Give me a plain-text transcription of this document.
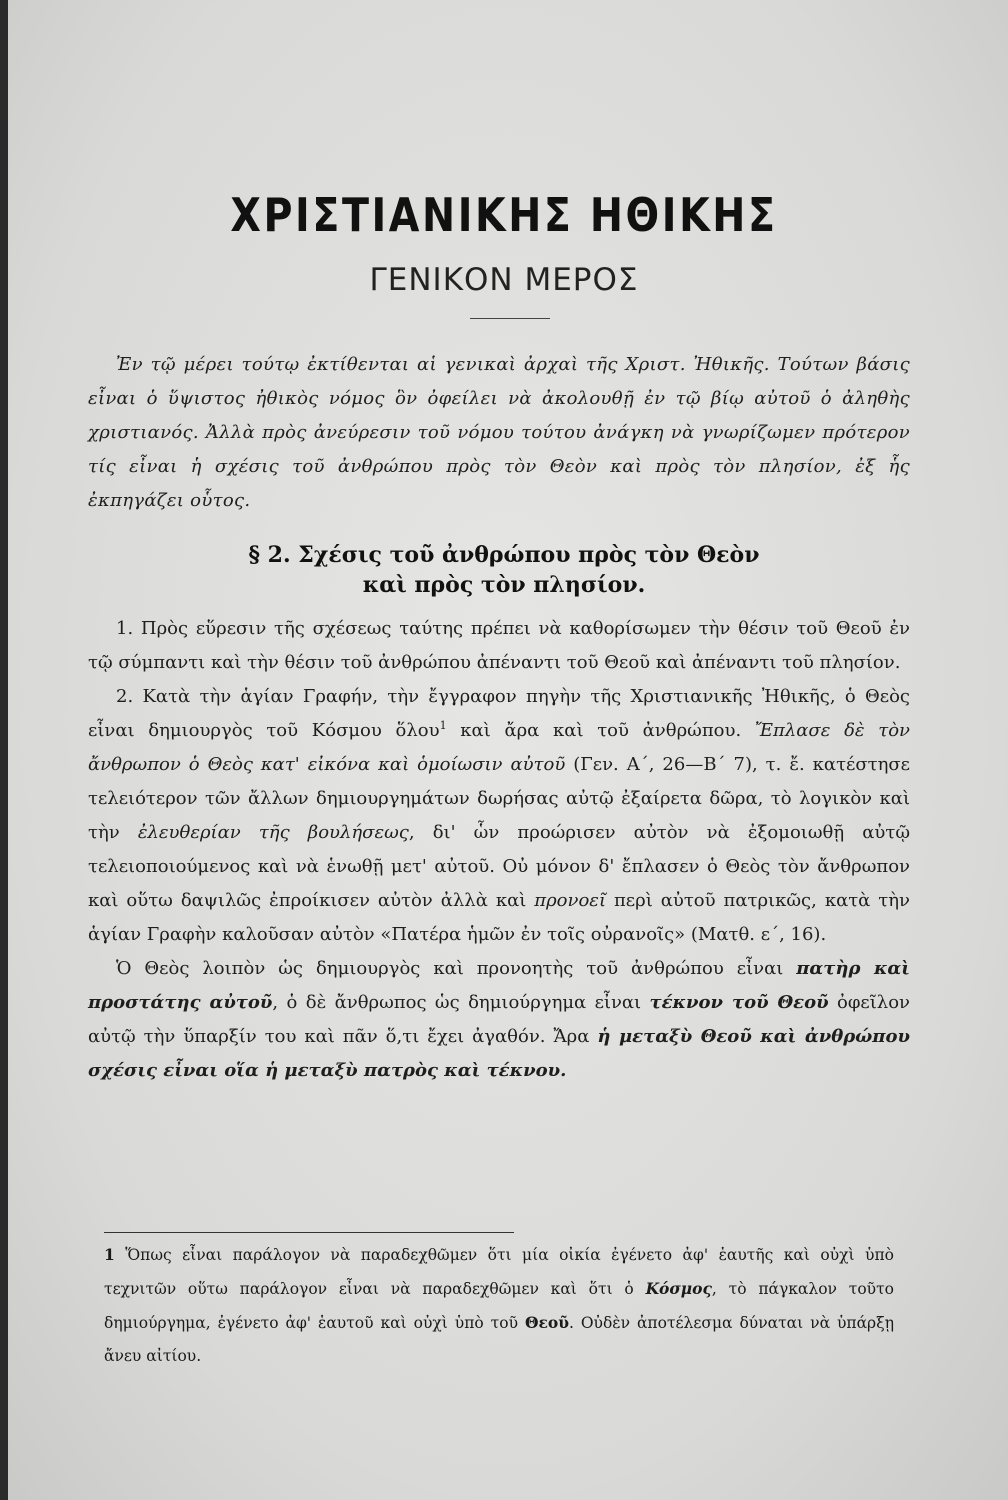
ΧΡΙΣΤΙΑΝΙΚΗΣ ΗΘΙΚΗΣ
ΓΕΝΙΚΟΝ ΜΕΡΟΣ

Ἐν τῷ μέρει τούτῳ ἐκτίθενται αἱ γενικαὶ ἀρχαὶ τῆς Χριστ. Ἠθικῆς. Τούτων βάσις εἶναι ὁ ὕψιστος ἠθικὸς νόμος ὃν ὀφείλει νὰ ἀκολουθῇ ἐν τῷ βίῳ αὐτοῦ ὁ ἀληθὴς χριστιανός. Ἀλλὰ πρὸς ἀνεύρεσιν τοῦ νόμου τούτου ἀνάγκη νὰ γνωρίζωμεν πρότερον τίς εἶναι ἡ σχέσις τοῦ ἀνθρώπου πρὸς τὸν Θεὸν καὶ πρὸς τὸν πλησίον, ἐξ ἧς ἐκπηγάζει οὗτος.

§ 2. Σχέσις τοῦ ἀνθρώπου πρὸς τὸν Θεὸν
καὶ πρὸς τὸν πλησίον.

1. Πρὸς εὕρεσιν τῆς σχέσεως ταύτης πρέπει νὰ καθορίσωμεν τὴν θέσιν τοῦ Θεοῦ ἐν τῷ σύμπαντι καὶ τὴν θέσιν τοῦ ἀνθρώπου ἀπέναντι τοῦ Θεοῦ καὶ ἀπέναντι τοῦ πλησίον.

2. Κατὰ τὴν ἁγίαν Γραφήν, τὴν ἔγγραφον πηγὴν τῆς Χριστιανικῆς Ἠθικῆς, ὁ Θεὸς εἶναι δημιουργὸς τοῦ Κόσμου ὅλου$^1$ καὶ ἄρα καὶ τοῦ ἀνθρώπου. Ἔπλασε δὲ τὸν ἄνθρωπον ὁ Θεὸς κατ' εἰκόνα καὶ ὁμοίωσιν αὐτοῦ (Γεν. Α΄, 26—Β΄ 7), τ. ἔ. κατέστησε τελειότερον τῶν ἄλλων δημιουργημάτων δωρήσας αὐτῷ ἐξαίρετα δῶρα, τὸ λογικὸν καὶ τὴν ἐλευθερίαν τῆς βουλήσεως, δι' ὧν προώρισεν αὐτὸν νὰ ἐξομοιωθῇ αὐτῷ τελειοποιούμενος καὶ νὰ ἑνωθῇ μετ' αὐτοῦ. Οὐ μόνον δ' ἔπλασεν ὁ Θεὸς τὸν ἄνθρωπον καὶ οὕτω δαψιλῶς ἐπροίκισεν αὐτὸν ἀλλὰ καὶ προνοεῖ περὶ αὐτοῦ πατρικῶς, κατὰ τὴν ἁγίαν Γραφὴν καλοῦσαν αὐτὸν «Πατέρα ἡμῶν ἐν τοῖς οὐρανοῖς» (Ματθ. ε΄, 16).

Ὁ Θεὸς λοιπὸν ὡς δημιουργὸς καὶ προνοητὴς τοῦ ἀνθρώπου εἶναι πατὴρ καὶ προστάτης αὐτοῦ, ὁ δὲ ἄνθρωπος ὡς δημιούργημα εἶναι τέκνον τοῦ Θεοῦ ὀφεῖλον αὐτῷ τὴν ὕπαρξίν του καὶ πᾶν ὅ,τι ἔχει ἀγαθόν. Ἄρα ἡ μεταξὺ Θεοῦ καὶ ἀνθρώπου σχέσις εἶναι οἵα ἡ μεταξὺ πατρὸς καὶ τέκνου.

1 Ὅπως εἶναι παράλογον νὰ παραδεχθῶμεν ὅτι μία οἰκία ἐγένετο ἀφ' ἑαυτῆς καὶ οὐχὶ ὑπὸ τεχνιτῶν οὕτω παράλογον εἶναι νὰ παραδεχθῶμεν καὶ ὅτι ὁ Κόσμος, τὸ πάγκαλον τοῦτο δημιούργημα, ἐγένετο ἀφ' ἑαυτοῦ καὶ οὐχὶ ὑπὸ τοῦ Θεοῦ. Οὐδὲν ἀποτέλεσμα δύναται νὰ ὑπάρξῃ ἄνευ αἰτίου.
